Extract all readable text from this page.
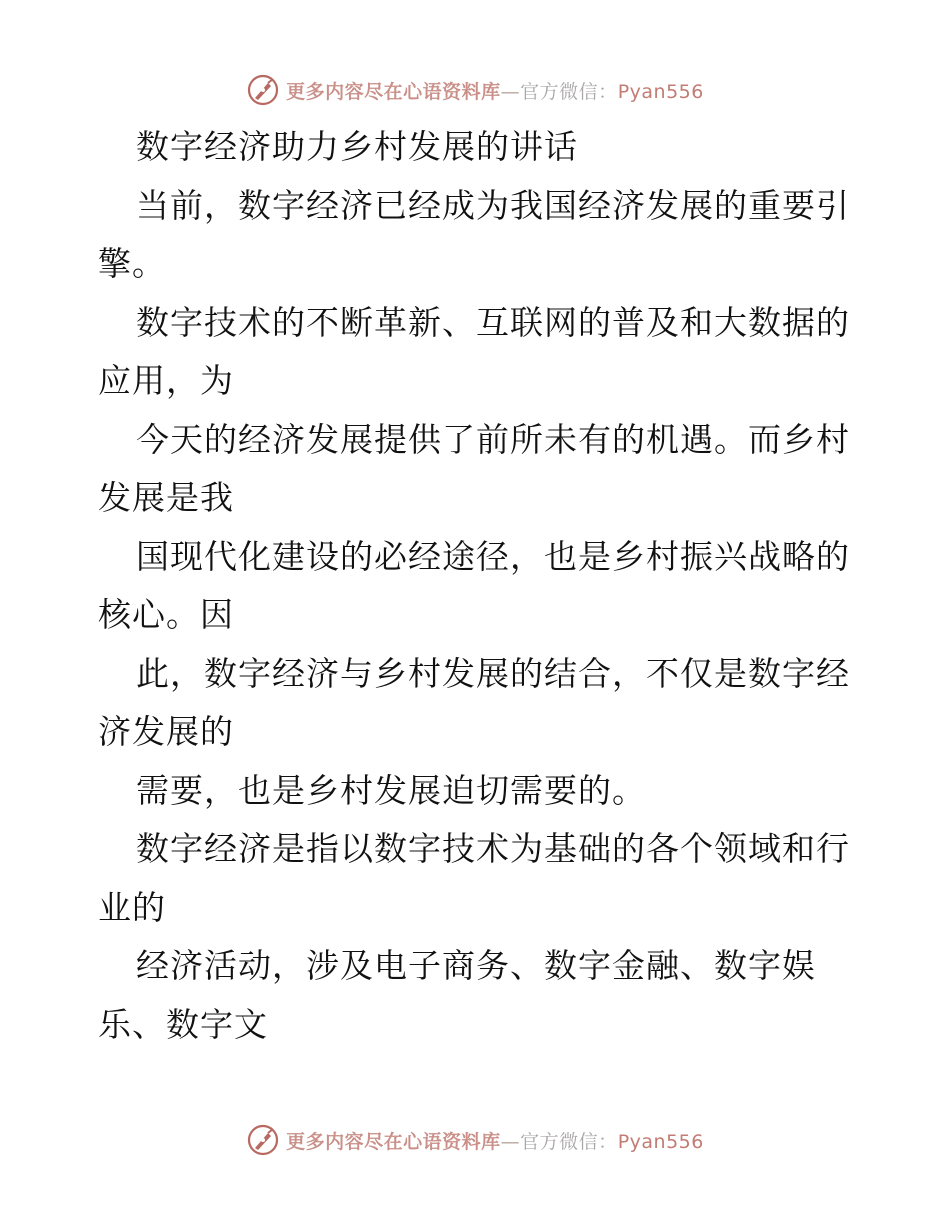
更多内容尽在心语资料库—官方微信：Pyan556
数字经济助力乡村发展的讲话
当前，数字经济已经成为我国经济发展的重要引
擎。
数字技术的不断革新、互联网的普及和大数据的
应用，为
今天的经济发展提供了前所未有的机遇。而乡村
发展是我
国现代化建设的必经途径，也是乡村振兴战略的
核心。因
此，数字经济与乡村发展的结合，不仅是数字经
济发展的
需要，也是乡村发展迫切需要的。
数字经济是指以数字技术为基础的各个领域和行
业的
经济活动，涉及电子商务、数字金融、数字娱
乐、数字文
更多内容尽在心语资料库—官方微信：Pyan556
